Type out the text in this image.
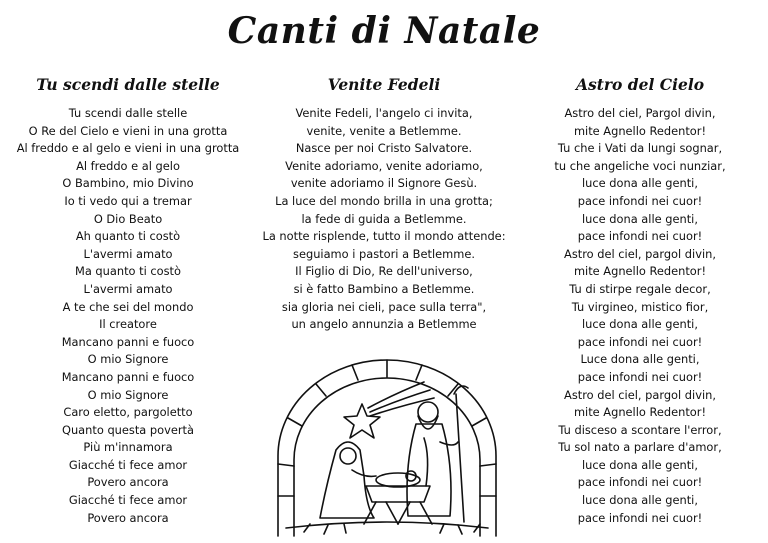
Canti di Natale
Tu scendi dalle stelle
Tu scendi dalle stelle
O Re del Cielo e vieni in una grotta
Al freddo e al gelo e vieni in una grotta
Al freddo e al gelo
O Bambino, mio Divino
Io ti vedo qui a tremar
O Dio Beato
Ah quanto ti costò
L'avermi amato
Ma quanto ti costò
L'avermi amato
A te che sei del mondo
Il creatore
Mancano panni e fuoco
O mio Signore
Mancano panni e fuoco
O mio Signore
Caro eletto, pargoletto
Quanto questa povertà
Più m'innamora
Giacché ti fece amor
Povero ancora
Giacché ti fece amor
Povero ancora
Venite Fedeli
Venite Fedeli, l'angelo ci invita,
venite, venite a Betlemme.
Nasce per noi Cristo Salvatore.
Venite adoriamo, venite adoriamo,
venite adoriamo il Signore Gesù.
La luce del mondo brilla in una grotta;
la fede di guida a Betlemme.
La notte risplende, tutto il mondo attende:
seguiamo i pastori a Betlemme.
Il Figlio di Dio, Re dell'universo,
si è fatto Bambino a Betlemme.
sia gloria nei cieli, pace sulla terra",
un angelo annunzia a Betlemme
Astro del Cielo
Astro del ciel, Pargol divin,
mite Agnello Redentor!
Tu che i Vati da lungi sognar,
tu che angeliche voci nunziar,
luce dona alle genti,
pace infondi nei cuor!
luce dona alle genti,
pace infondi nei cuor!
Astro del ciel, pargol divin,
mite Agnello Redentor!
Tu di stirpe regale decor,
Tu virgineo, mistico fior,
luce dona alle genti,
pace infondi nei cuor!
Luce dona alle genti,
pace infondi nei cuor!
Astro del ciel, pargol divin,
mite Agnello Redentor!
Tu disceso a scontare l'error,
Tu sol nato a parlare d'amor,
luce dona alle genti,
pace infondi nei cuor!
luce dona alle genti,
pace infondi nei cuor!
